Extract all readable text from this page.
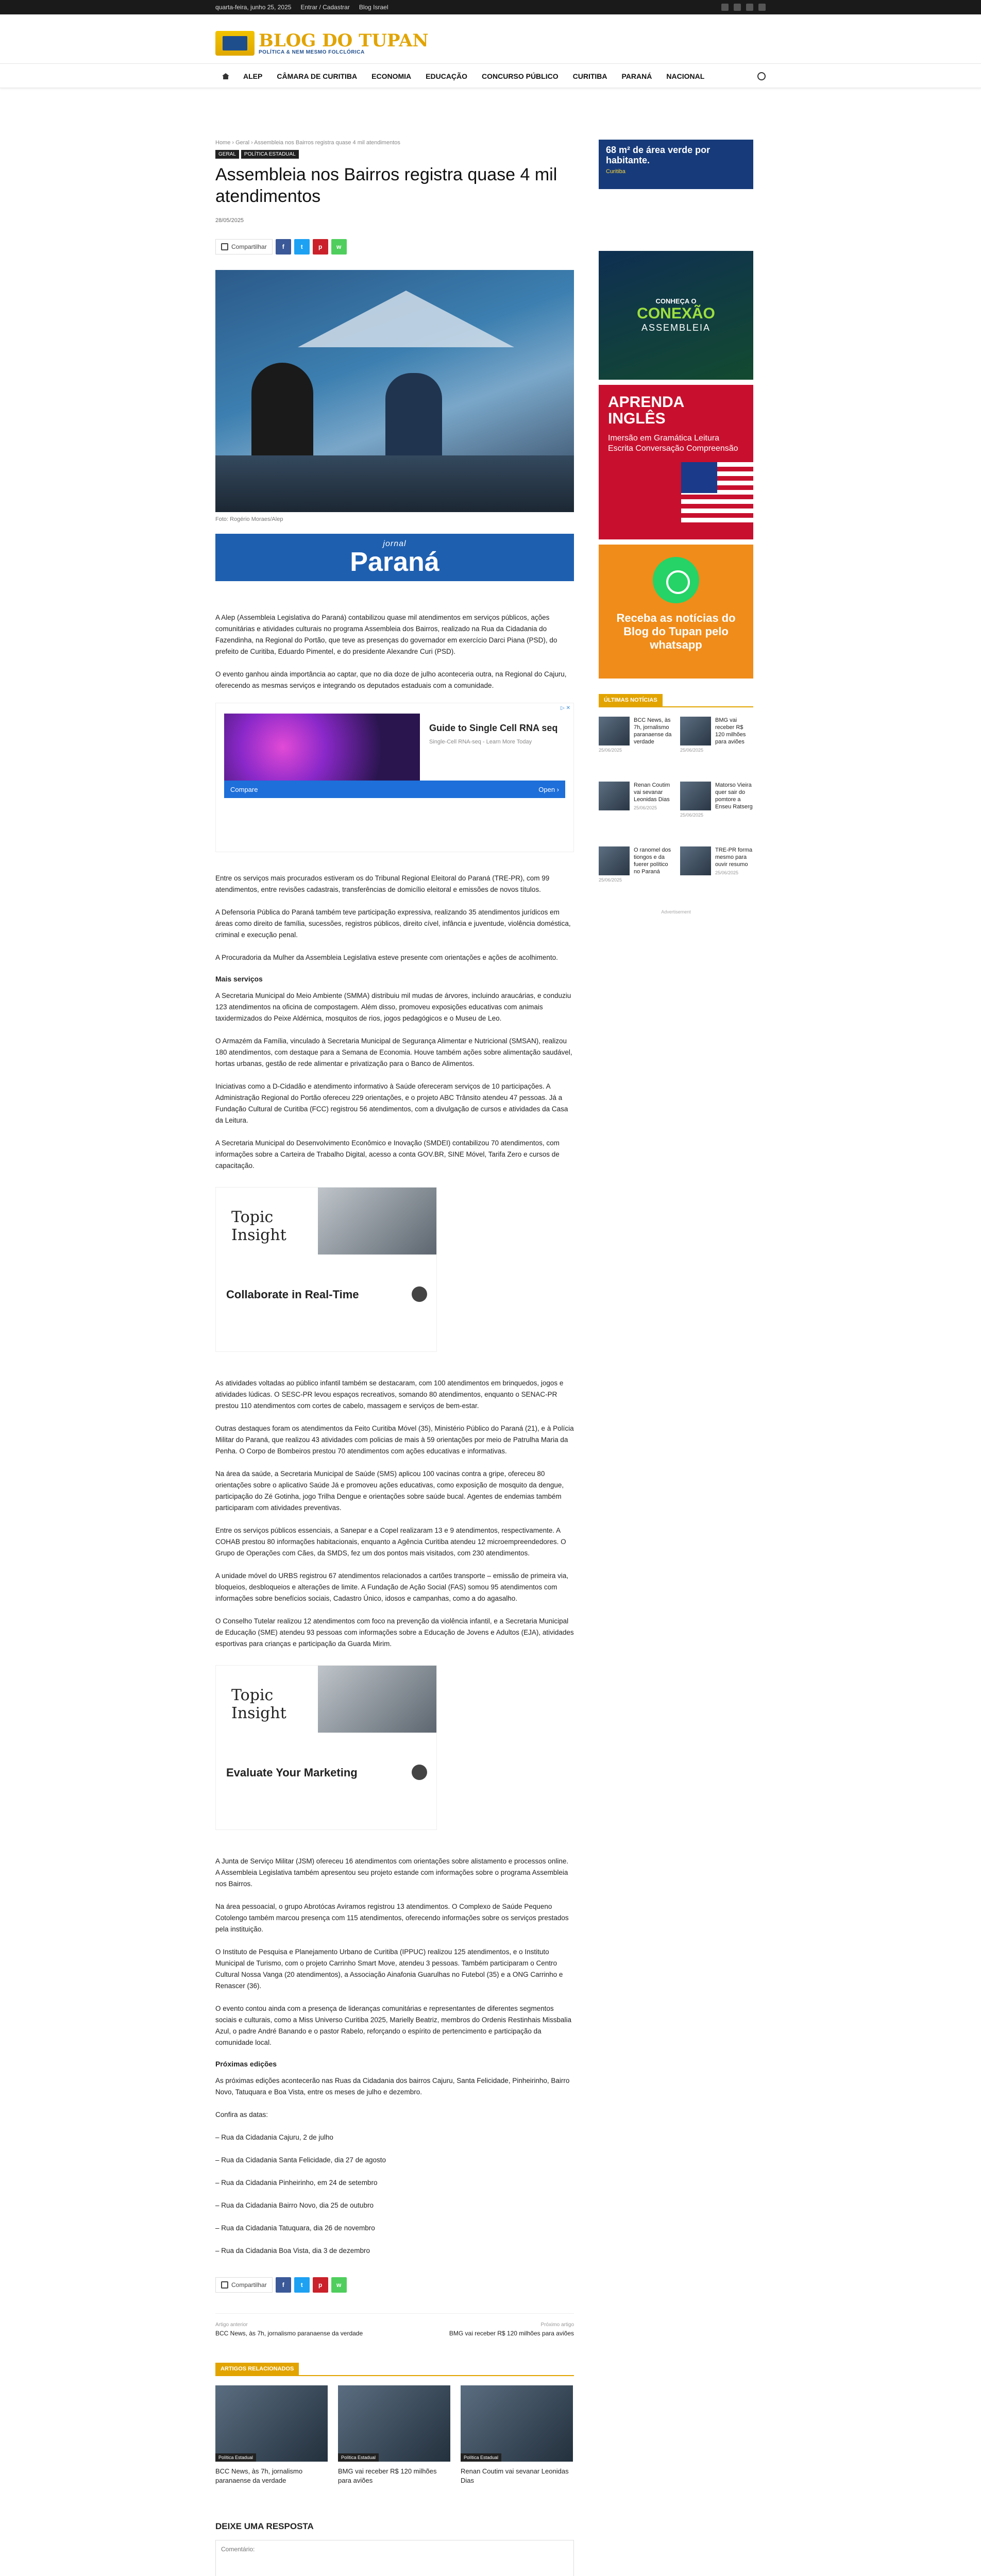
quarta-feira, junho 25, 2025 Entrar / Cadastrar Blog Israel
BLOG DO TUPAN
POLÍTICA & NEM MESMO FOLCLÓRICA
ALEP	CÂMARA DE CURITIBA	ECONOMIA	EDUCAÇÃO	CONCURSO PÚBLICO	CURITIBA	PARANÁ	NACIONAL
Home › Geral › Assembleia nos Bairros registra quase 4 mil atendimentos
GERAL	POLÍTICA ESTADUAL
Assembleia nos Bairros registra quase 4 mil atendimentos
28/05/2025
Compartilhar	f	t	p	w
Foto: Rogério Moraes/Alep
jornal
Paraná

A Alep (Assembleia Legislativa do Paraná) contabilizou quase mil atendimentos em serviços públicos, ações comunitárias e atividades culturais no programa Assembleia dos Bairros, realizado na Rua da Cidadania do Fazendinha, na Regional do Portão, que teve as presenças do governador em exercício Darci Piana (PSD), do prefeito de Curitiba, Eduardo Pimentel, e do presidente Alexandre Curi (PSD).

O evento ganhou ainda importância ao captar, que no dia doze de julho aconteceria outra, na Regional do Cajuru, oferecendo as mesmas serviços e integrando os deputados estaduais com a comunidade.

▷ ✕
Guide to Single Cell RNA seq
Single-Cell RNA-seq - Learn More Today
Compare	Open ›

Entre os serviços mais procurados estiveram os do Tribunal Regional Eleitoral do Paraná (TRE-PR), com 99 atendimentos, entre revisões cadastrais, transferências de domicílio eleitoral e emissões de novos títulos.

A Defensoria Pública do Paraná também teve participação expressiva, realizando 35 atendimentos jurídicos em áreas como direito de família, sucessões, registros públicos, direito cível, infância e juventude, violência doméstica, criminal e execução penal.

A Procuradoria da Mulher da Assembleia Legislativa esteve presente com orientações e ações de acolhimento.

Mais serviços

A Secretaria Municipal do Meio Ambiente (SMMA) distribuiu mil mudas de árvores, incluindo araucárias, e conduziu 123 atendimentos na oficina de compostagem. Além disso, promoveu exposições educativas com animais taxidermizados do Peixe Aldérnica, mosquitos de rios, jogos pedagógicos e o Museu de Leo.

O Armazém da Família, vinculado à Secretaria Municipal de Segurança Alimentar e Nutricional (SMSAN), realizou 180 atendimentos, com destaque para a Semana de Economia. Houve também ações sobre alimentação saudável, hortas urbanas, gestão de rede alimentar e privatização para o Banco de Alimentos.

Iniciativas como a D-Cidadão e atendimento informativo à Saúde ofereceram serviços de 10 participações. A Administração Regional do Portão ofereceu 229 orientações, e o projeto ABC Trânsito atendeu 47 pessoas. Já a Fundação Cultural de Curitiba (FCC) registrou 56 atendimentos, com a divulgação de cursos e atividades da Casa da Leitura.

A Secretaria Municipal do Desenvolvimento Econômico e Inovação (SMDEI) contabilizou 70 atendimentos, com informações sobre a Carteira de Trabalho Digital, acesso a conta GOV.BR, SINE Móvel, Tarifa Zero e cursos de capacitação.

Topic
Insight
Collaborate in Real-Time

As atividades voltadas ao público infantil também se destacaram, com 100 atendimentos em brinquedos, jogos e atividades lúdicas. O SESC-PR levou espaços recreativos, somando 80 atendimentos, enquanto o SENAC-PR prestou 110 atendimentos com cortes de cabelo, massagem e serviços de bem-estar.

Outras destaques foram os atendimentos da Feito Curitiba Móvel (35), Ministério Público do Paraná (21), e à Polícia Militar do Paraná, que realizou 43 atividades com policias de mais à 59 orientações por meio de Patrulha Maria da Penha. O Corpo de Bombeiros prestou 70 atendimentos com ações educativas e informativas.

Na área da saúde, a Secretaria Municipal de Saúde (SMS) aplicou 100 vacinas contra a gripe, ofereceu 80 orientações sobre o aplicativo Saúde Já e promoveu ações educativas, como exposição de mosquito da dengue, participação do Zé Gotinha, jogo Trilha Dengue e orientações sobre saúde bucal. Agentes de endemias também participaram com atividades preventivas.

Entre os serviços públicos essenciais, a Sanepar e a Copel realizaram 13 e 9 atendimentos, respectivamente. A COHAB prestou 80 informações habitacionais, enquanto a Agência Curitiba atendeu 12 microempreendedores. O Grupo de Operações com Cães, da SMDS, fez um dos pontos mais visitados, com 230 atendimentos.

A unidade móvel do URBS registrou 67 atendimentos relacionados a cartões transporte – emissão de primeira via, bloqueios, desbloqueios e alterações de limite. A Fundação de Ação Social (FAS) somou 95 atendimentos com informações sobre benefícios sociais, Cadastro Único, idosos e campanhas, como a do agasalho.

O Conselho Tutelar realizou 12 atendimentos com foco na prevenção da violência infantil, e a Secretaria Municipal de Educação (SME) atendeu 93 pessoas com informações sobre a Educação de Jovens e Adultos (EJA), atividades esportivas para crianças e participação da Guarda Mirim.

Topic
Insight
Evaluate Your Marketing

A Junta de Serviço Militar (JSM) ofereceu 16 atendimentos com orientações sobre alistamento e processos online. A Assembleia Legislativa também apresentou seu projeto estande com informações sobre o programa Assembleia nos Bairros.

Na área pessoacial, o grupo Abrotócas Aviramos registrou 13 atendimentos. O Complexo de Saúde Pequeno Cotolengo também marcou presença com 115 atendimentos, oferecendo informações sobre os serviços prestados pela instituição.

O Instituto de Pesquisa e Planejamento Urbano de Curitiba (IPPUC) realizou 125 atendimentos, e o Instituto Municipal de Turismo, com o projeto Carrinho Smart Move, atendeu 3 pessoas. Também participaram o Centro Cultural Nossa Vanga (20 atendimentos), a Associação Ainafonia Guarulhas no Futebol (35) e a ONG Carrinho e Renascer (36).

O evento contou ainda com a presença de lideranças comunitárias e representantes de diferentes segmentos sociais e culturais, como a Miss Universo Curitiba 2025, Marielly Beatriz, membros do Ordenis Restinhais Missbalia Azul, o padre André Banando e o pastor Rabelo, reforçando o espírito de pertencimento e participação da comunidade local.

Próximas edições

As próximas edições acontecerão nas Ruas da Cidadania dos bairros Cajuru, Santa Felicidade, Pinheirinho, Bairro Novo, Tatuquara e Boa Vista, entre os meses de julho e dezembro.

Confira as datas:

– Rua da Cidadania Cajuru, 2 de julho
– Rua da Cidadania Santa Felicidade, dia 27 de agosto
– Rua da Cidadania Pinheirinho, em 24 de setembro
– Rua da Cidadania Bairro Novo, dia 25 de outubro
– Rua da Cidadania Tatuquara, dia 26 de novembro
– Rua da Cidadania Boa Vista, dia 3 de dezembro
Compartilhar	f	t	p	w
Artigo anterior
BCC News, às 7h, jornalismo paranaense da verdade
Próximo artigo
BMG vai receber R$ 120 milhões para aviões
ARTIGOS RELACIONADOS
Política Estadual
BCC News, às 7h, jornalismo paranaense da verdade
Política Estadual
BMG vai receber R$ 120 milhões para aviões
Política Estadual
Renan Coutim vai sevanar Leonidas Dias
DEIXE UMA RESPOSTA
Comentário:
68 m² de área verde por habitante.
Curitiba
CONHEÇA O
CONEXÃO
ASSEMBLEIA
APRENDA INGLÊS
Imersão em Gramática Leitura Escrita Conversação Compreensão
Receba as notícias do Blog do Tupan pelo whatsapp
ÚLTIMAS NOTÍCIAS
BCC News, às 7h, jornalismo paranaense da verdade
25/06/2025
BMG vai receber R$ 120 milhões para aviões
25/06/2025
Renan Coutim vai sevanar Leonidas Dias
25/06/2025
Matorso Vieira quer sair do pomtore a Enseu Ratserg
25/06/2025
O ranomel dos tiongos e da fuerer político no Paraná
25/06/2025
TRE-PR forma mesmo para ouvir resumo
25/06/2025
Advertisement
